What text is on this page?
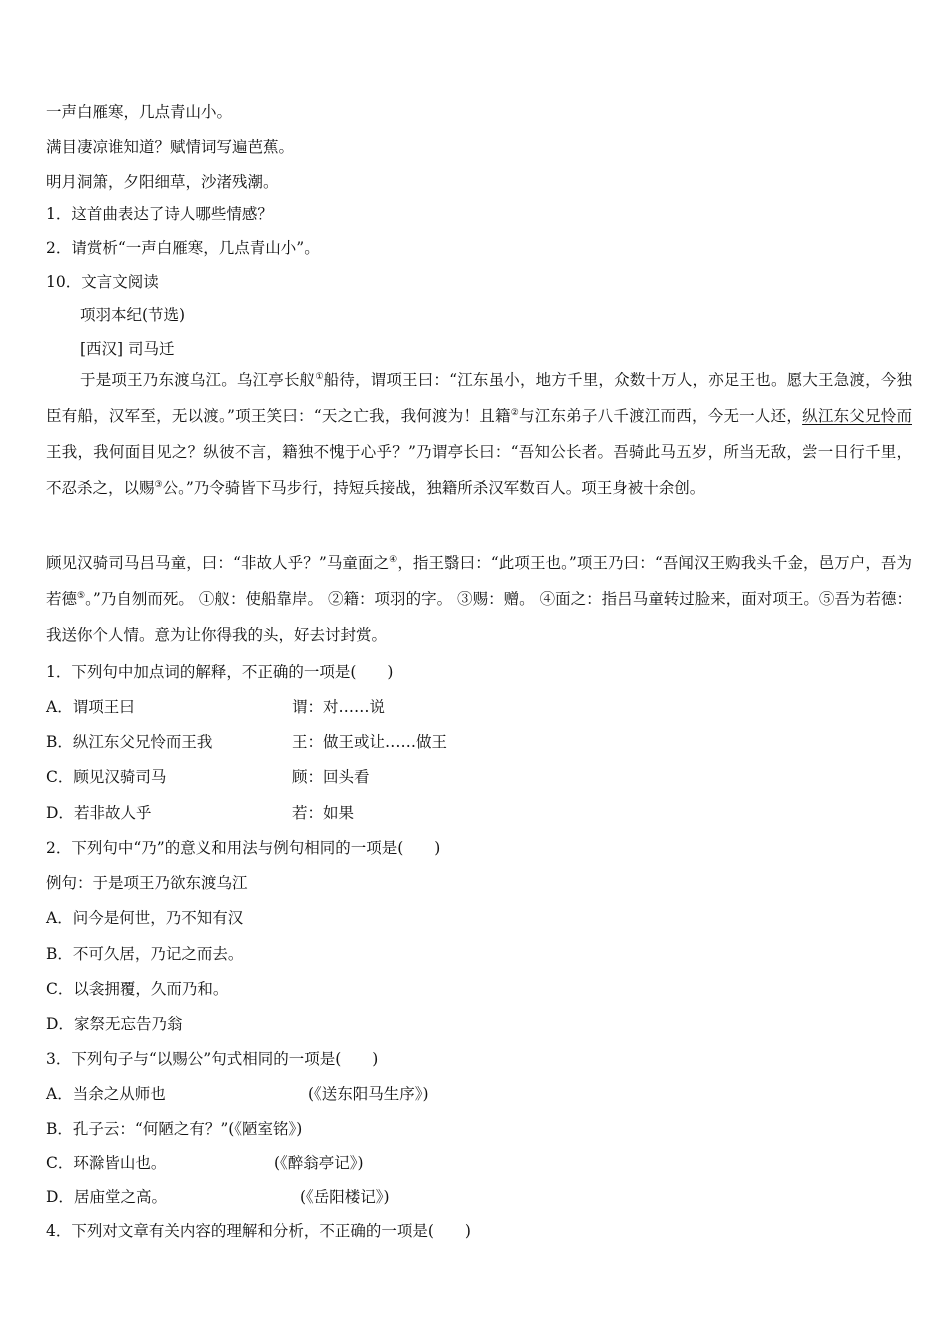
一声白雁寒，几点青山小。

满目凄凉谁知道？赋情词写遍芭蕉。

明月洞箫，夕阳细草，沙渚残潮。

1．这首曲表达了诗人哪些情感？

2．请赏析“一声白雁寒，几点青山小”。

10．文言文阅读

项羽本纪(节选)

[西汉] 司马迁

于是项王乃东渡乌江。乌江亭长舣①船待，谓项王曰：“江东虽小，地方千里，众数十万人，亦足王也。愿大王急渡，今独臣有船，汉军至，无以渡。”项王笑曰：“天之亡我，我何渡为！且籍②与江东弟子八千渡江而西，今无一人还，纵江东父兄怜而王我，我何面目见之？纵彼不言，籍独不愧于心乎？”乃谓亭长曰：“吾知公长者。吾骑此马五岁，所当无敌，尝一日行千里，不忍杀之，以赐③公。”乃令骑皆下马步行，持短兵接战，独籍所杀汉军数百人。项王身被十余创。

顾见汉骑司马吕马童，曰：“非故人乎？”马童面之④，指王翳曰：“此项王也。”项王乃曰：“吾闻汉王购我头千金，邑万户，吾为若德⑤。”乃自刎而死。 ①舣：使船靠岸。 ②籍：项羽的字。 ③赐：赠。 ④面之：指吕马童转过脸来，面对项王。⑤吾为若德：我送你个人情。意为让你得我的头，好去讨封赏。

1．下列句中加点词的解释，不正确的一项是(　　)

A．谓项王曰	谓：对……说

B．纵江东父兄怜而王我	王：做王或让……做王

C．顾见汉骑司马	顾：回头看

D．若非故人乎	若：如果

2．下列句中“乃”的意义和用法与例句相同的一项是(　　)

例句：于是项王乃欲东渡乌江

A．问今是何世，乃不知有汉

B．不可久居，乃记之而去。

C．以衾拥覆，久而乃和。

D．家祭无忘告乃翁

3．下列句子与“以赐公”句式相同的一项是(　　)

A．当余之从师也	(《送东阳马生序》)

B．孔子云：“何陋之有？”(《陋室铭》)

C．环滁皆山也。	(《醉翁亭记》)

D．居庙堂之高。	(《岳阳楼记》)

4．下列对文章有关内容的理解和分析，不正确的一项是(　　)
